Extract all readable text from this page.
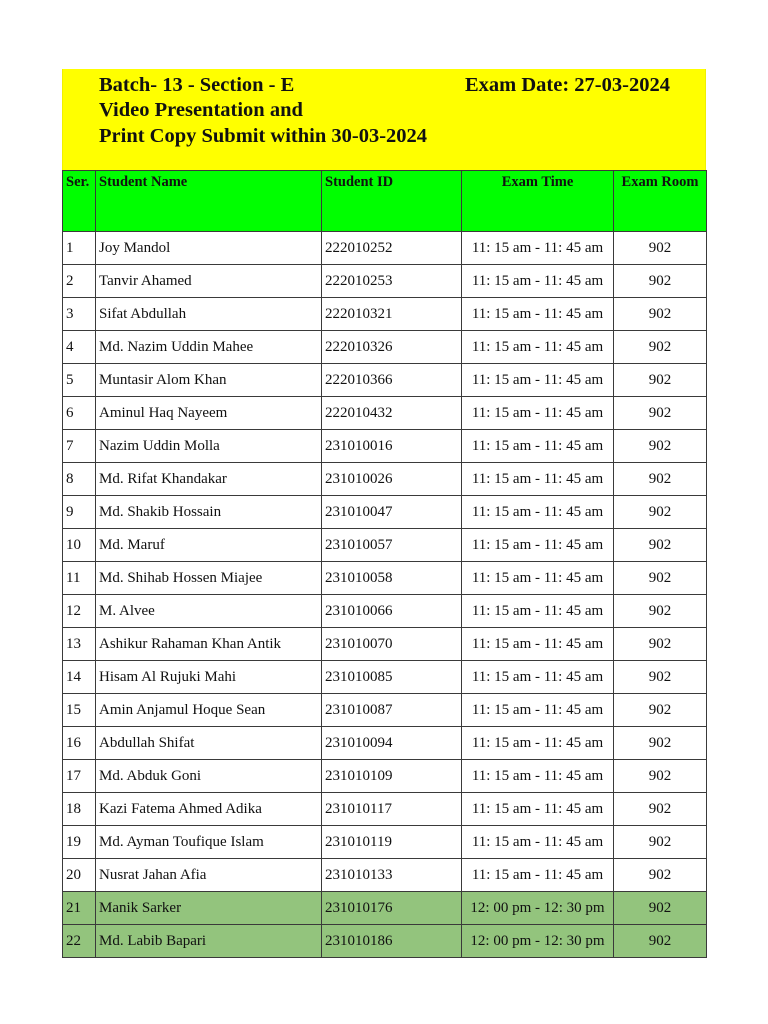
Batch- 13 - Section - E
Video Presentation and
Print Copy Submit within 30-03-2024
Exam Date: 27-03-2024
Ser.	Student Name	Student ID	Exam Time	Exam Room
1	Joy Mandol	222010252	11: 15 am - 11: 45 am	902
2	Tanvir Ahamed	222010253	11: 15 am - 11: 45 am	902
3	Sifat Abdullah	222010321	11: 15 am - 11: 45 am	902
4	Md. Nazim Uddin Mahee	222010326	11: 15 am - 11: 45 am	902
5	Muntasir Alom Khan	222010366	11: 15 am - 11: 45 am	902
6	Aminul Haq Nayeem	222010432	11: 15 am - 11: 45 am	902
7	Nazim Uddin Molla	231010016	11: 15 am - 11: 45 am	902
8	Md. Rifat Khandakar	231010026	11: 15 am - 11: 45 am	902
9	Md. Shakib Hossain	231010047	11: 15 am - 11: 45 am	902
10	Md. Maruf	231010057	11: 15 am - 11: 45 am	902
11	Md. Shihab Hossen Miajee	231010058	11: 15 am - 11: 45 am	902
12	M. Alvee	231010066	11: 15 am - 11: 45 am	902
13	Ashikur Rahaman Khan Antik	231010070	11: 15 am - 11: 45 am	902
14	Hisam Al Rujuki Mahi	231010085	11: 15 am - 11: 45 am	902
15	Amin Anjamul Hoque Sean	231010087	11: 15 am - 11: 45 am	902
16	Abdullah Shifat	231010094	11: 15 am - 11: 45 am	902
17	Md. Abduk Goni	231010109	11: 15 am - 11: 45 am	902
18	Kazi Fatema Ahmed Adika	231010117	11: 15 am - 11: 45 am	902
19	Md. Ayman Toufique Islam	231010119	11: 15 am - 11: 45 am	902
20	Nusrat Jahan Afia	231010133	11: 15 am - 11: 45 am	902
21	Manik Sarker	231010176	12: 00 pm - 12: 30 pm	902
22	Md. Labib Bapari	231010186	12: 00 pm - 12: 30 pm	902
